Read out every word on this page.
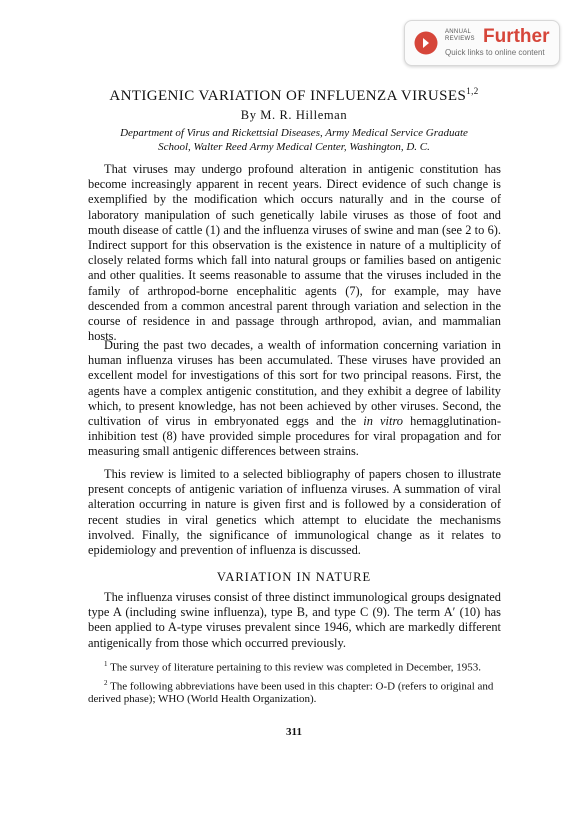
ANNUAL
REVIEWS Further
Quick links to online content
ANTIGENIC VARIATION OF INFLUENZA VIRUSES$^{1,2}$
By M. R. Hilleman
Department of Virus and Rickettsial Diseases, Army Medical Service Graduate
School, Walter Reed Army Medical Center, Washington, D. C.

That viruses may undergo profound alteration in antigenic constitution has become increasingly apparent in recent years. Direct evidence of such change is exemplified by the modification which occurs naturally and in the course of laboratory manipulation of such genetically labile viruses as those of foot and mouth disease of cattle (1) and the influenza viruses of swine and man (see 2 to 6). Indirect support for this observation is the existence in nature of a multiplicity of closely related forms which fall into natural groups or families based on antigenic and other qualities. It seems reasonable to assume that the viruses included in the family of arthropod-borne encephalitic agents (7), for example, may have descended from a common ancestral parent through variation and selection in the course of residence in and passage through arthropod, avian, and mammalian hosts.

During the past two decades, a wealth of information concerning variation in human influenza viruses has been accumulated. These viruses have provided an excellent model for investigations of this sort for two principal reasons. First, the agents have a complex antigenic constitution, and they exhibit a degree of lability which, to present knowledge, has not been achieved by other viruses. Second, the cultivation of virus in embryonated eggs and the in vitro hemagglutination-inhibition test (8) have provided simple procedures for viral propagation and for measuring small antigenic differences between strains.

This review is limited to a selected bibliography of papers chosen to illustrate present concepts of antigenic variation of influenza viruses. A summation of viral alteration occurring in nature is given first and is followed by a consideration of recent studies in viral genetics which attempt to elucidate the mechanisms involved. Finally, the significance of immunological change as it relates to epidemiology and prevention of influenza is discussed.

VARIATION IN NATURE

The influenza viruses consist of three distinct immunological groups designated type A (including swine influenza), type B, and type C (9). The term A′ (10) has been applied to A-type viruses prevalent since 1946, which are markedly different antigenically from those which occurred previously.

$^1$ The survey of literature pertaining to this review was completed in December, 1953.

$^2$ The following abbreviations have been used in this chapter: O-D (refers to original and derived phase); WHO (World Health Organization).

311
